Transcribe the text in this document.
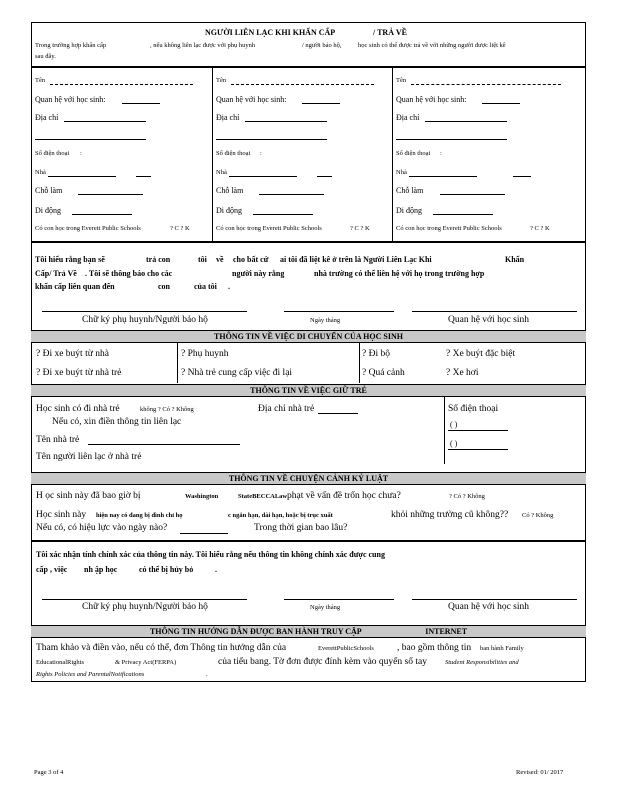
NGƯỜI LIÊN LẠC KHI KHẨN CẤP	/ TRẢ VỀ
Trong trường hợp khẩn cấp	, nếu không liên lạc được với phụ huynh	/ người bảo hộ,	học sinh có thể được trả về với những người được liệt kê
sau đây.
Tên
Quan hệ với học sinh:
Địa chỉ
Số điện thoại :
Nhà
Chỗ làm
Di động
Có con học trong Everett Public Schools	? C ? K
Tên
Quan hệ với học sinh:
Địa chỉ
Số điện thoại :
Nhà
Chỗ làm
Di động
Có con học trong Everett Public Schools	? C ? K
Tên
Quan hệ với học sinh:
Địa chỉ
Số điện thoại :
Nhà
Chỗ làm
Di động
Có con học trong Everett Public Schools	? C ? K
Tôi hiểu rằng bạn sẽ	trả con	tôi về cho bất cứ ai tôi đã liệt kê ở trên là Người Liên Lạc Khi	Khẩn
Cấp/ Trả Về . Tôi sẽ thông báo cho các	người này rằng	nhà trường có thể liên hệ với họ trong trường hợp
khẩn cấp liên quan đến	con	của tôi .
Chữ ký phụ huynh/Người bảo hộ	Ngày tháng	Quan hệ với học sinh
THÔNG TIN VỀ VIỆC DI CHUYỂN CỦA HỌC SINH
? Đi xe buýt từ nhà	? Phụ huynh	? Đi bộ	? Xe buýt đặc biệt
? Đi xe buýt từ nhà trẻ	? Nhà trẻ cung cấp việc đi lại	? Quá cảnh	? Xe hơi
THÔNG TIN VỀ VIỆC GIỮ TRẺ
Học sinh có đi nhà trẻ	không ? Có ? Không	Địa chỉ nhà trẻ	Số điện thoại
Nếu có, xin điền thông tin liên lạc	( )
Tên nhà trẻ	( )
Tên người liên lạc ở nhà trẻ
THÔNG TIN VỀ CHUYỆN CẢNH KỶ LUẬT
H ọc sinh này đã bao giờ bị	Washington	StateBECCALaw phạt về vấn đề trốn học chưa?	? Có ? Không
Học sinh này hiện nay có đang bị đình chỉ họ	c ngắn hạn, dài hạn, hoặc bị trục xuất	khỏi những trường cũ không?? Có ? Không
Nếu có, có hiệu lực vào ngày nào?	Trong thời gian bao lâu?
Tôi xác nhận tính chính xác của thông tin này. Tôi hiểu rằng nếu thông tin không chính xác được cung
cấp , việc nh ập học	có thể bị hủy bỏ	.
Chữ ký phụ huynh/Người bảo hộ	Ngày tháng	Quan hệ với học sinh
THÔNG TIN HƯỚNG DẪN ĐƯỢC BAN HÀNH TRUY CẬP	INTERNET
Tham khảo và điền vào, nếu có thể, đơn Thông tin hướng dẫn của	EverettPublicSchools , bao gồm thông tin ban hành Family
EducationalRights	& Privacy Act(FERPA)	của tiểu bang. Tờ đơn được đính kèm vào quyển sổ tay	Student Responsibilities and
Rights Policies and ParentalNotifications	.
Page 3 of 4	Revised: 01/ 2017
